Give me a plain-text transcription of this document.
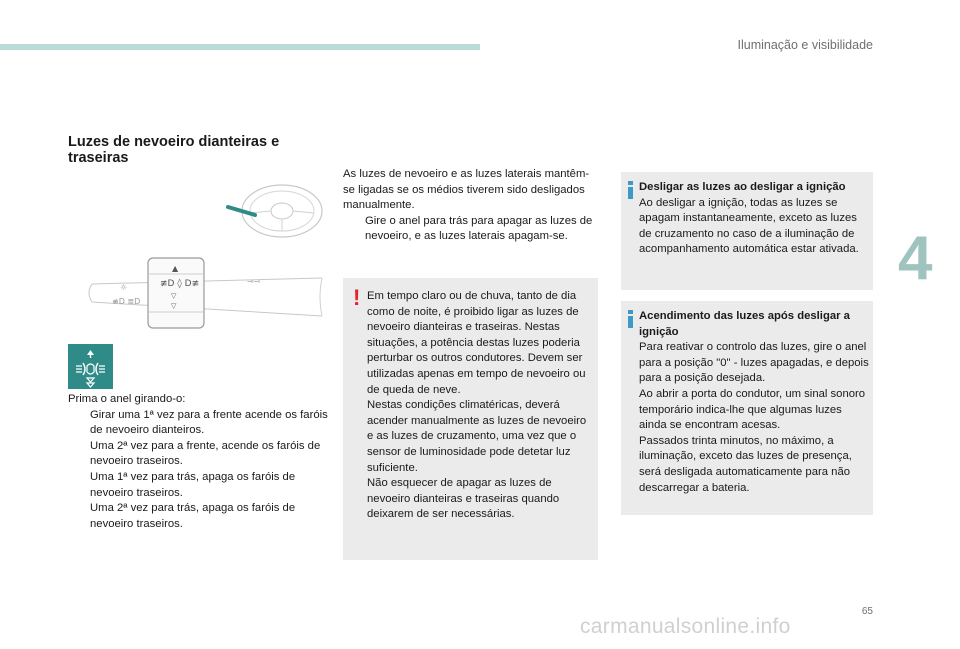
Iluminação e visibilidade
4
Luzes de nevoeiro dianteiras e traseiras
▲
≢D ◊ D≢
▽
▽
☼
≢D ≣D
⊸⊸

Prima o anel girando-o:

Girar uma 1ª vez para a frente acende os faróis de nevoeiro dianteiros.
Uma 2ª vez para a frente, acende os faróis de nevoeiro traseiros.
Uma 1ª vez para trás, apaga os faróis de nevoeiro traseiros.
Uma 2ª vez para trás, apaga os faróis de nevoeiro traseiros.

As luzes de nevoeiro e as luzes laterais mantêm-se ligadas se os médios tiverem sido desligados manualmente.

Gire o anel para trás para apagar as luzes de nevoeiro, e as luzes laterais apagam-se.
! Em tempo claro ou de chuva, tanto de dia como de noite, é proibido ligar as luzes de nevoeiro dianteiras e traseiras. Nestas situações, a potência destas luzes poderia perturbar os outros condutores. Devem ser utilizadas apenas em tempo de nevoeiro ou de queda de neve.

Nestas condições climatéricas, deverá acender manualmente as luzes de nevoeiro e as luzes de cruzamento, uma vez que o sensor de luminosidade pode detetar luz suficiente.

Não esquecer de apagar as luzes de nevoeiro dianteiras e traseiras quando deixarem de ser necessárias.

Desligar as luzes ao desligar a ignição

Ao desligar a ignição, todas as luzes se apagam instantaneamente, exceto as luzes de cruzamento no caso de a iluminação de acompanhamento automática estar ativada.

Acendimento das luzes após desligar a ignição

Para reativar o controlo das luzes, gire o anel para a posição "0" - luzes apagadas, e depois para a posição desejada.

Ao abrir a porta do condutor, um sinal sonoro temporário indica-lhe que algumas luzes ainda se encontram acesas.

Passados trinta minutos, no máximo, a iluminação, exceto das luzes de presença, será desligada automaticamente para não descarregar a bateria.

65
carmanualsonline.info
